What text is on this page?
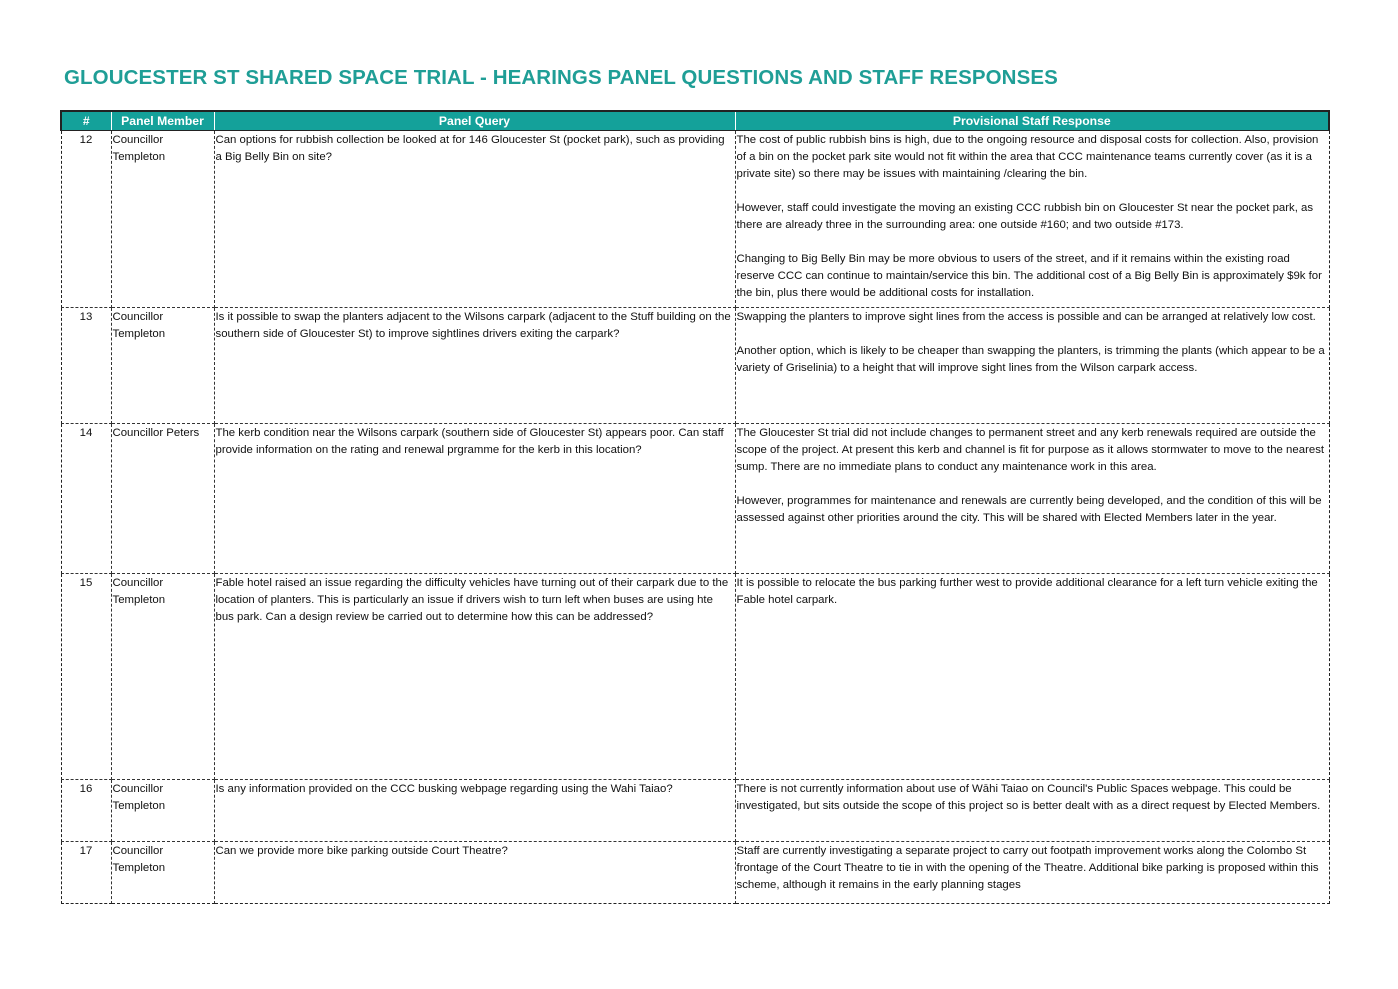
GLOUCESTER ST SHARED SPACE TRIAL - HEARINGS PANEL QUESTIONS AND STAFF RESPONSES
#	Panel Member	Panel Query	Provisional Staff Response
12	Councillor Templeton	Can options for rubbish collection be looked at for 146 Gloucester St (pocket park), such as providing a Big Belly Bin on site?	The cost of public rubbish bins is high, due to the ongoing resource and disposal costs for collection. Also, provision of a bin on the pocket park site would not fit within the area that CCC maintenance teams currently cover (as it is a private site) so there may be issues with maintaining /clearing the bin.

However, staff could investigate the moving an existing CCC rubbish bin on Gloucester St near the pocket park, as there are already three in the surrounding area: one outside #160; and two outside #173.

Changing to Big Belly Bin may be more obvious to users of the street, and if it remains within the existing road reserve CCC can continue to maintain/service this bin. The additional cost of a Big Belly Bin is approximately $9k for the bin, plus there would be additional costs for installation.

13	Councillor Templeton	Is it possible to swap the planters adjacent to the Wilsons carpark (adjacent to the Stuff building on the southern side of Gloucester St) to improve sightlines drivers exiting the carpark?	Swapping the planters to improve sight lines from the access is possible and can be arranged at relatively low cost.

Another option, which is likely to be cheaper than swapping the planters, is trimming the plants (which appear to be a variety of Griselinia) to a height that will improve sight lines from the Wilson carpark access.

14	Councillor Peters	The kerb condition near the Wilsons carpark (southern side of Gloucester St) appears poor. Can staff provide information on the rating and renewal prgramme for the kerb in this location?	The Gloucester St trial did not include changes to permanent street and any kerb renewals required are outside the scope of the project. At present this kerb and channel is fit for purpose as it allows stormwater to move to the nearest sump. There are no immediate plans to conduct any maintenance work in this area.

However, programmes for maintenance and renewals are currently being developed, and the condition of this will be assessed against other priorities around the city. This will be shared with Elected Members later in the year.

15	Councillor Templeton	Fable hotel raised an issue regarding the difficulty vehicles have turning out of their carpark due to the location of planters. This is particularly an issue if drivers wish to turn left when buses are using hte bus park. Can a design review be carried out to determine how this can be addressed?	It is possible to relocate the bus parking further west to provide additional clearance for a left turn vehicle exiting the Fable hotel carpark.

16	Councillor Templeton	Is any information provided on the CCC busking webpage regarding using the Wahi Taiao?	There is not currently information about use of Wāhi Taiao on Council's Public Spaces webpage. This could be investigated, but sits outside the scope of this project so is better dealt with as a direct request by Elected Members.

17	Councillor Templeton	Can we provide more bike parking outside Court Theatre?	Staff are currently investigating a separate project to carry out footpath improvement works along the Colombo St frontage of the Court Theatre to tie in with the opening of the Theatre. Additional bike parking is proposed within this scheme, although it remains in the early planning stages
